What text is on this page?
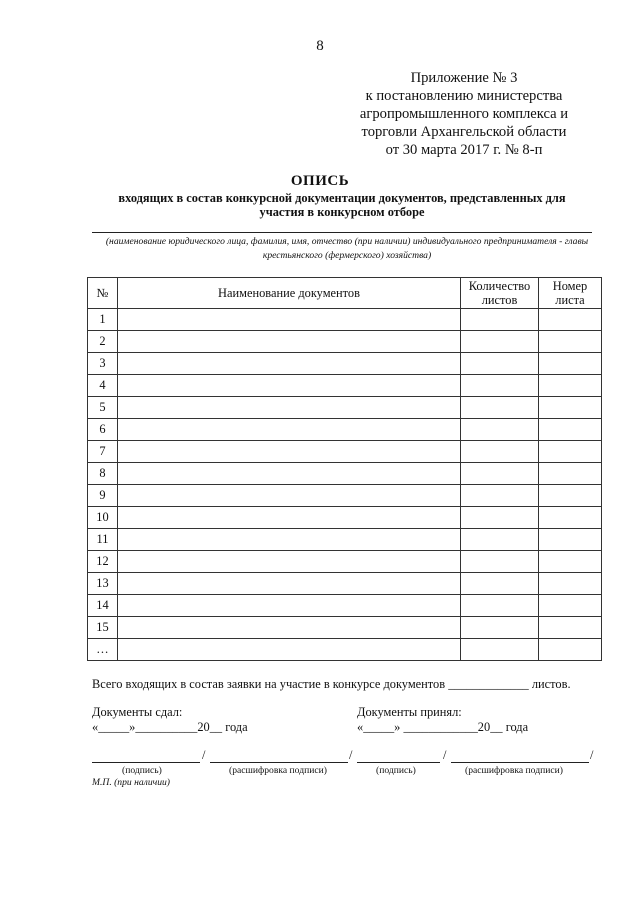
8
Приложение № 3
к постановлению министерства
агропромышленного комплекса и
торговли Архангельской области
от 30 марта 2017 г. № 8-п
ОПИСЬ
входящих в состав конкурсной документации документов, представленных для
участия в конкурсном отборе
(наименование юридического лица, фамилия, имя, отчество (при наличии) индивидуального предпринимателя - главы
крестьянского (фермерского) хозяйства)
№	Наименование документов	Количество листов	Номер листа
1			
2			
3			
4			
5			
6			
7			
8			
9			
10			
11			
12			
13			
14			
15			
…			
Всего входящих в состав заявки на участие в конкурсе документов _____________ листов.
Документы сдал:
«_____»__________20__ года
Документы принял:
«_____» ____________20__ года
/	/	/	/
(подпись)	(расшифровка подписи)	(подпись)	(расшифровка подписи)
М.П. (при наличии)
